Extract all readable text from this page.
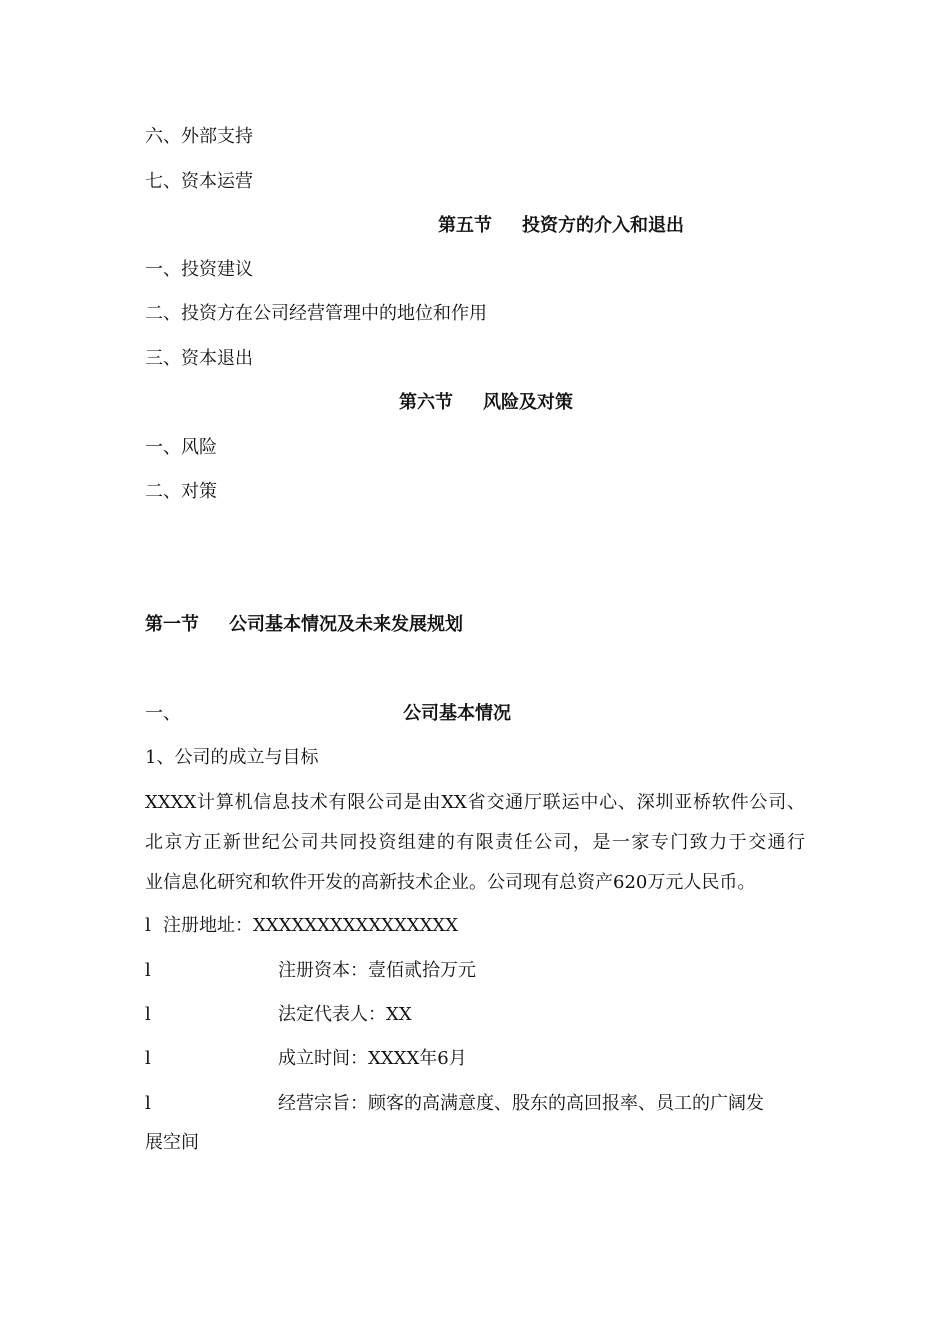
六、外部支持
七、资本运营
第五节 投资方的介入和退出
一、投资建议
二、投资方在公司经营管理中的地位和作用
三、资本退出
第六节 风险及对策
一、风险
二、对策
第一节 公司基本情况及未来发展规划
一、	公司基本情况
1、公司的成立与目标
XXXX计算机信息技术有限公司是由XX省交通厅联运中心、深圳亚桥软件公司、
北京方正新世纪公司共同投资组建的有限责任公司，是一家专门致力于交通行
业信息化研究和软件开发的高新技术企业。公司现有总资产620万元人民币。
l 注册地址：XXXXXXXXXXXXXXXX
l	注册资本：壹佰贰拾万元
l	法定代表人：XX
l	成立时间：XXXX年6月
l	经营宗旨：顾客的高满意度、股东的高回报率、员工的广阔发
展空间
